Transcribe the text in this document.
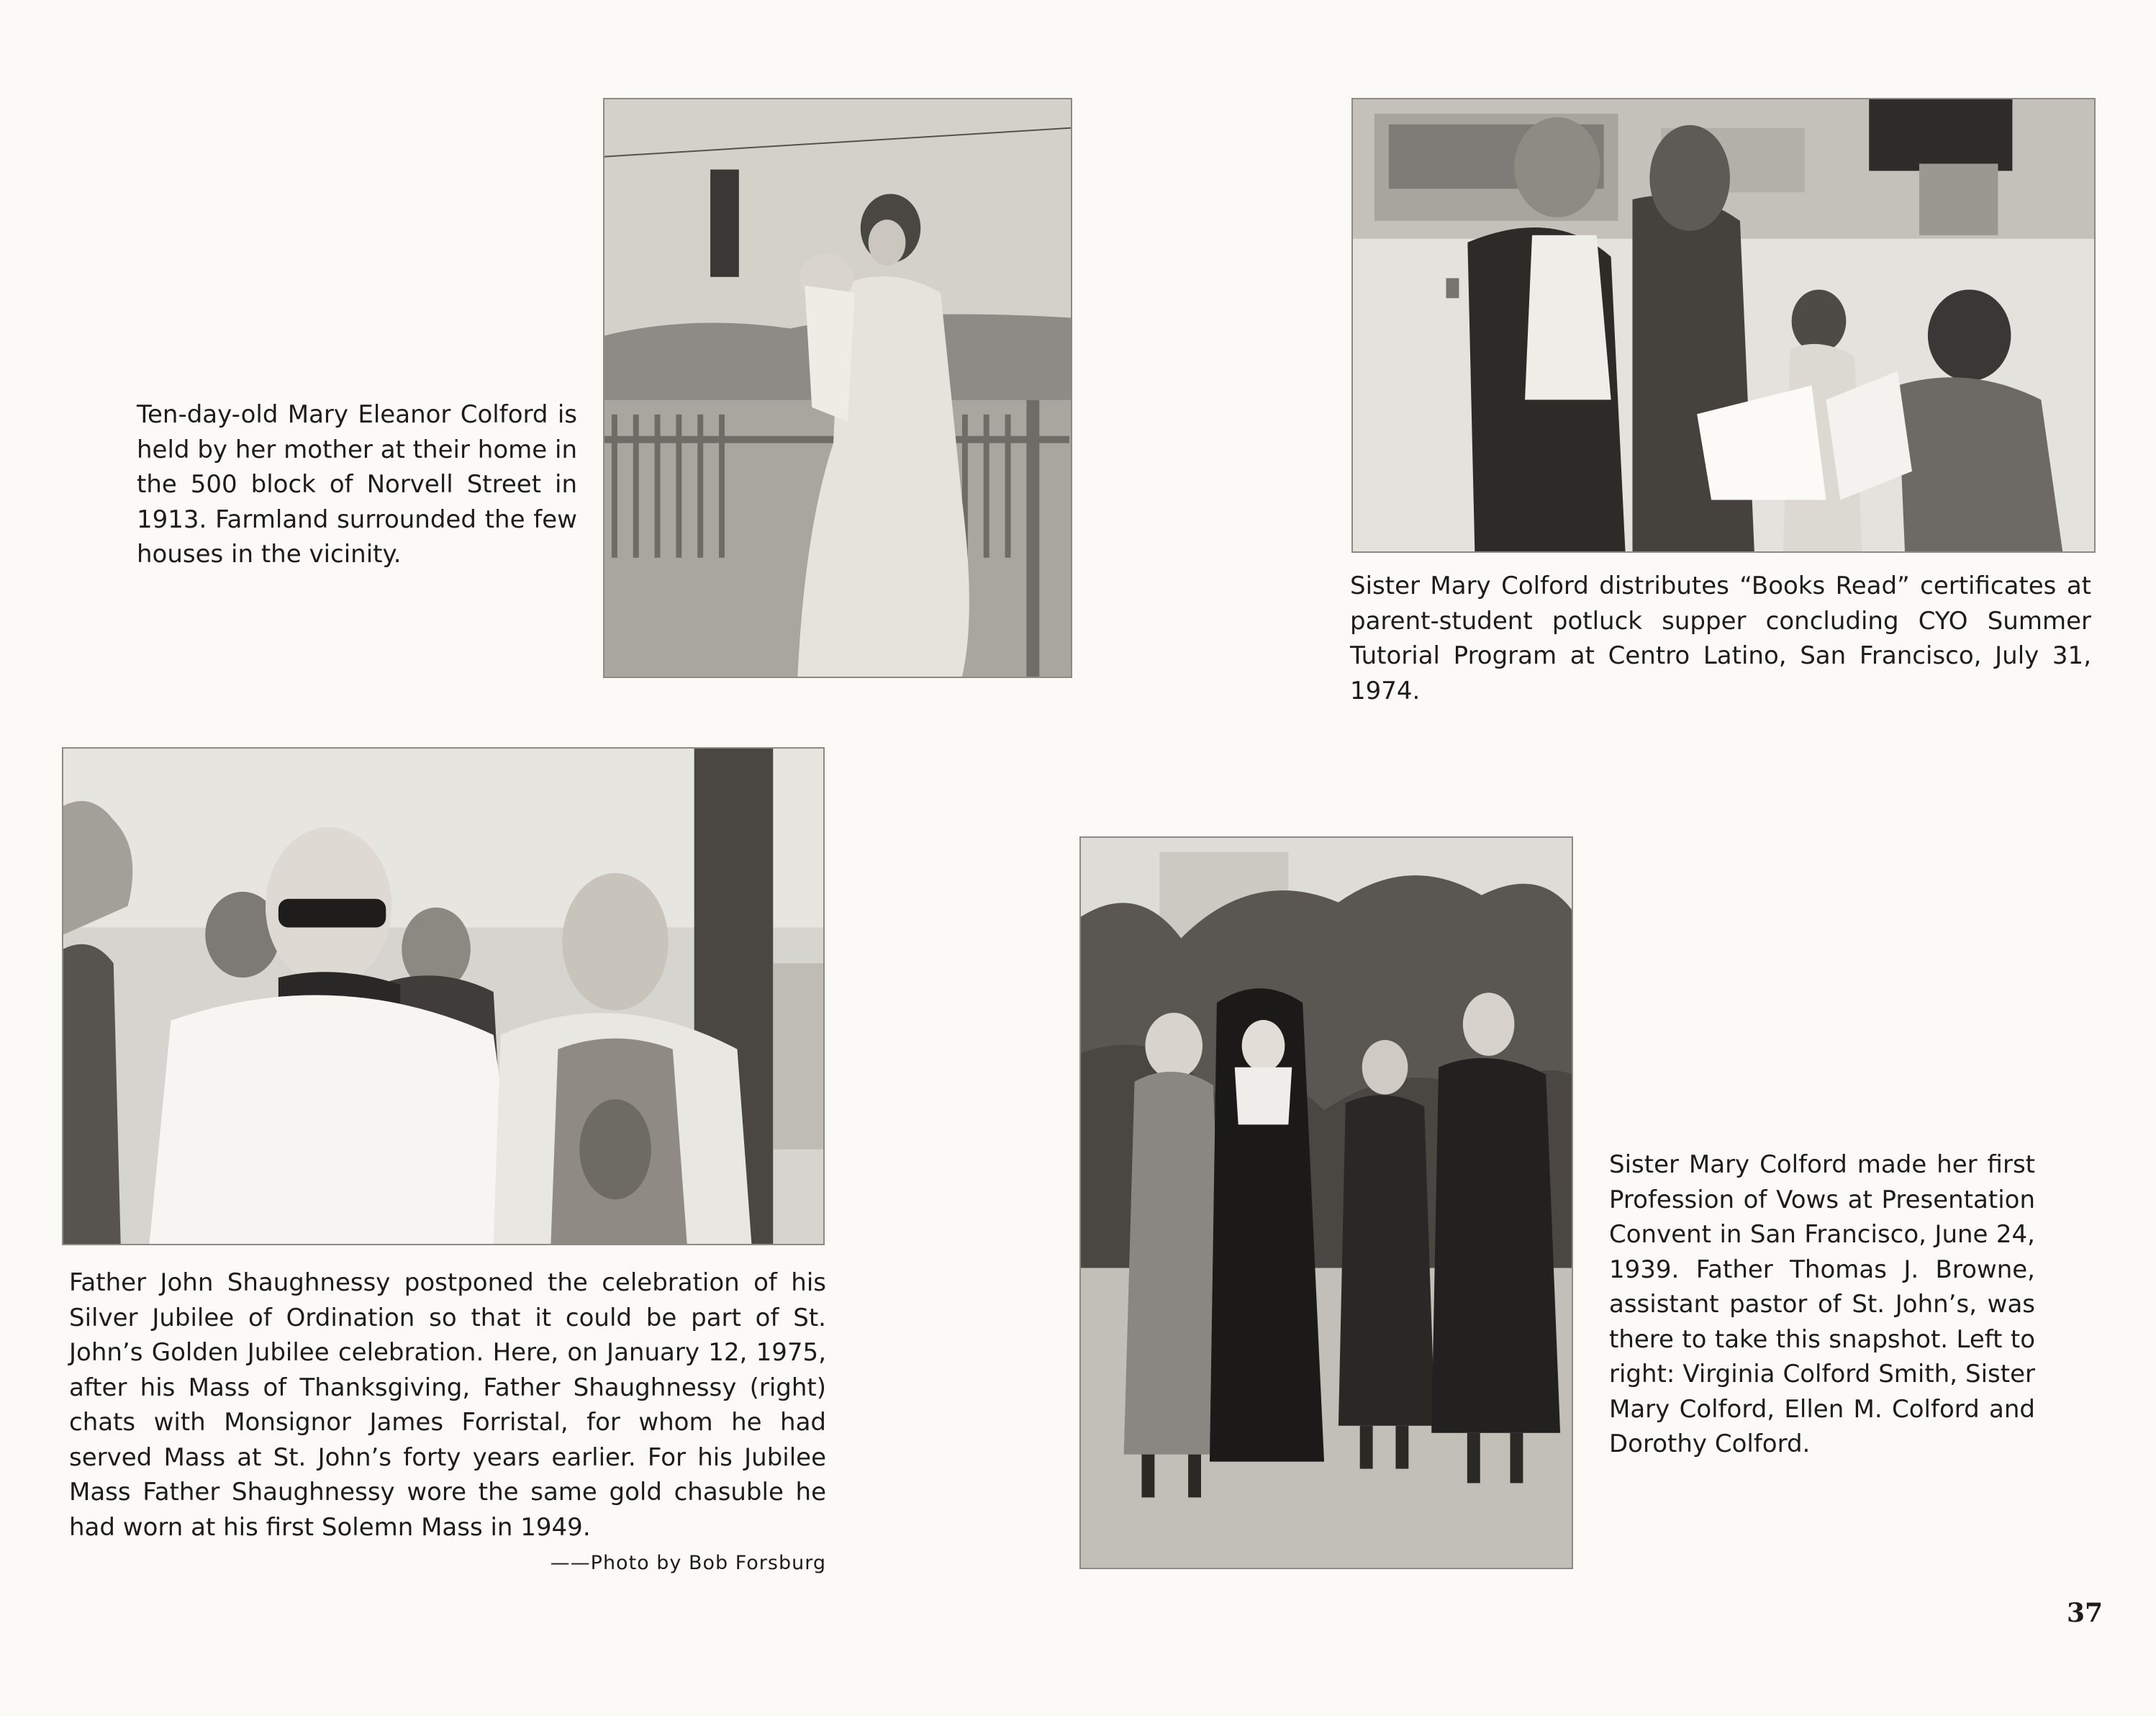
Ten-day-old Mary Eleanor Colford is held by her mother at their home in the 500 block of Norvell Street in 1913. Farmland surrounded the few houses in the vicinity.

Sister Mary Colford distributes “Books Read” certificates at parent-student potluck supper concluding CYO Summer Tutorial Program at Centro Latino, San Francisco, July 31, 1974.

Father John Shaughnessy postponed the celebration of his Silver Jubilee of Ordination so that it could be part of St. John’s Golden Jubilee celebration. Here, on January 12, 1975, after his Mass of Thanksgiving, Father Shaughnessy (right) chats with Monsignor James Forristal, for whom he had served Mass at St. John’s forty years earlier. For his Jubilee Mass Father Shaughnessy wore the same gold chasuble he had worn at his first Solemn Mass in 1949.

——Photo by Bob Forsburg

Sister Mary Colford made her first Profession of Vows at Presentation Convent in San Francisco, June 24, 1939. Father Thomas J. Browne, assistant pastor of St. John’s, was there to take this snapshot. Left to right: Virginia Colford Smith, Sister Mary Colford, Ellen M. Colford and Dorothy Colford.

37
